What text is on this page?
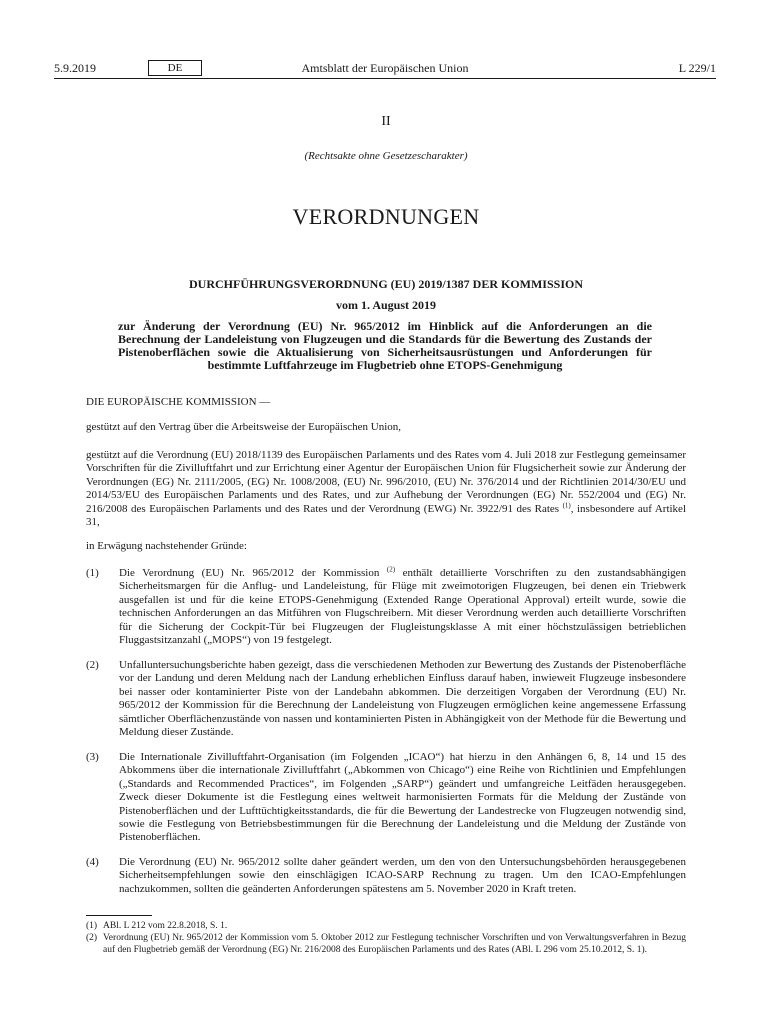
5.9.2019	DE	Amtsblatt der Europäischen Union	L 229/1
II
(Rechtsakte ohne Gesetzescharakter)
VERORDNUNGEN
DURCHFÜHRUNGSVERORDNUNG (EU) 2019/1387 DER KOMMISSION
vom 1. August 2019
zur Änderung der Verordnung (EU) Nr. 965/2012 im Hinblick auf die Anforderungen an die Berechnung der Landeleistung von Flugzeugen und die Standards für die Bewertung des Zustands der Pistenoberflächen sowie die Aktualisierung von Sicherheitsausrüstungen und Anforderungen für bestimmte Luftfahrzeuge im Flugbetrieb ohne ETOPS-Genehmigung
DIE EUROPÄISCHE KOMMISSION —
gestützt auf den Vertrag über die Arbeitsweise der Europäischen Union,
gestützt auf die Verordnung (EU) 2018/1139 des Europäischen Parlaments und des Rates vom 4. Juli 2018 zur Festlegung gemeinsamer Vorschriften für die Zivilluftfahrt und zur Errichtung einer Agentur der Europäischen Union für Flugsicherheit sowie zur Änderung der Verordnungen (EG) Nr. 2111/2005, (EG) Nr. 1008/2008, (EU) Nr. 996/2010, (EU) Nr. 376/2014 und der Richtlinien 2014/30/EU und 2014/53/EU des Europäischen Parlaments und des Rates, und zur Aufhebung der Verordnungen (EG) Nr. 552/2004 und (EG) Nr. 216/2008 des Europäischen Parlaments und des Rates und der Verordnung (EWG) Nr. 3922/91 des Rates $^{(1)}$, insbesondere auf Artikel 31,
in Erwägung nachstehender Gründe:
(1)	Die Verordnung (EU) Nr. 965/2012 der Kommission $^{(2)}$ enthält detaillierte Vorschriften zu den zustandsabhängigen Sicherheitsmargen für die Anflug- und Landeleistung, für Flüge mit zweimotorigen Flugzeugen, bei denen ein Triebwerk ausgefallen ist und für die keine ETOPS-Genehmigung (Extended Range Operational Approval) erteilt wurde, sowie die technischen Anforderungen an das Mitführen von Flugschreibern. Mit dieser Verordnung werden auch detaillierte Vorschriften für die Sicherung der Cockpit-Tür bei Flugzeugen der Flugleistungsklasse A mit einer höchstzulässigen betrieblichen Fluggastsitzanzahl („MOPS“) von 19 festgelegt.
(2)	Unfalluntersuchungsberichte haben gezeigt, dass die verschiedenen Methoden zur Bewertung des Zustands der Pistenoberfläche vor der Landung und deren Meldung nach der Landung erheblichen Einfluss darauf haben, inwieweit Flugzeuge insbesondere bei nasser oder kontaminierter Piste von der Landebahn abkommen. Die derzeitigen Vorgaben der Verordnung (EU) Nr. 965/2012 der Kommission für die Berechnung der Landeleistung von Flugzeugen ermöglichen keine angemessene Erfassung sämtlicher Oberflächenzustände von nassen und kontaminierten Pisten in Abhängigkeit von der Methode für die Bewertung und Meldung dieser Zustände.
(3)	Die Internationale Zivilluftfahrt-Organisation (im Folgenden „ICAO“) hat hierzu in den Anhängen 6, 8, 14 und 15 des Abkommens über die internationale Zivilluftfahrt („Abkommen von Chicago“) eine Reihe von Richtlinien und Empfehlungen („Standards and Recommended Practices“, im Folgenden „SARP“) geändert und umfangreiche Leitfäden herausgegeben. Zweck dieser Dokumente ist die Festlegung eines weltweit harmonisierten Formats für die Meldung der Zustände von Pistenoberflächen und der Lufttüchtigkeitsstandards, die für die Bewertung der Landestrecke von Flugzeugen notwendig sind, sowie die Festlegung von Betriebsbestimmungen für die Berechnung der Landeleistung und die Meldung der Zustände von Pistenoberflächen.
(4)	Die Verordnung (EU) Nr. 965/2012 sollte daher geändert werden, um den von den Untersuchungsbehörden herausgegebenen Sicherheitsempfehlungen sowie den einschlägigen ICAO-SARP Rechnung zu tragen. Um den ICAO-Empfehlungen nachzukommen, sollten die geänderten Anforderungen spätestens am 5. November 2020 in Kraft treten.
(1) ABl. L 212 vom 22.8.2018, S. 1.
(2) Verordnung (EU) Nr. 965/2012 der Kommission vom 5. Oktober 2012 zur Festlegung technischer Vorschriften und von Verwaltungsverfahren in Bezug auf den Flugbetrieb gemäß der Verordnung (EG) Nr. 216/2008 des Europäischen Parlaments und des Rates (ABl. L 296 vom 25.10.2012, S. 1).
